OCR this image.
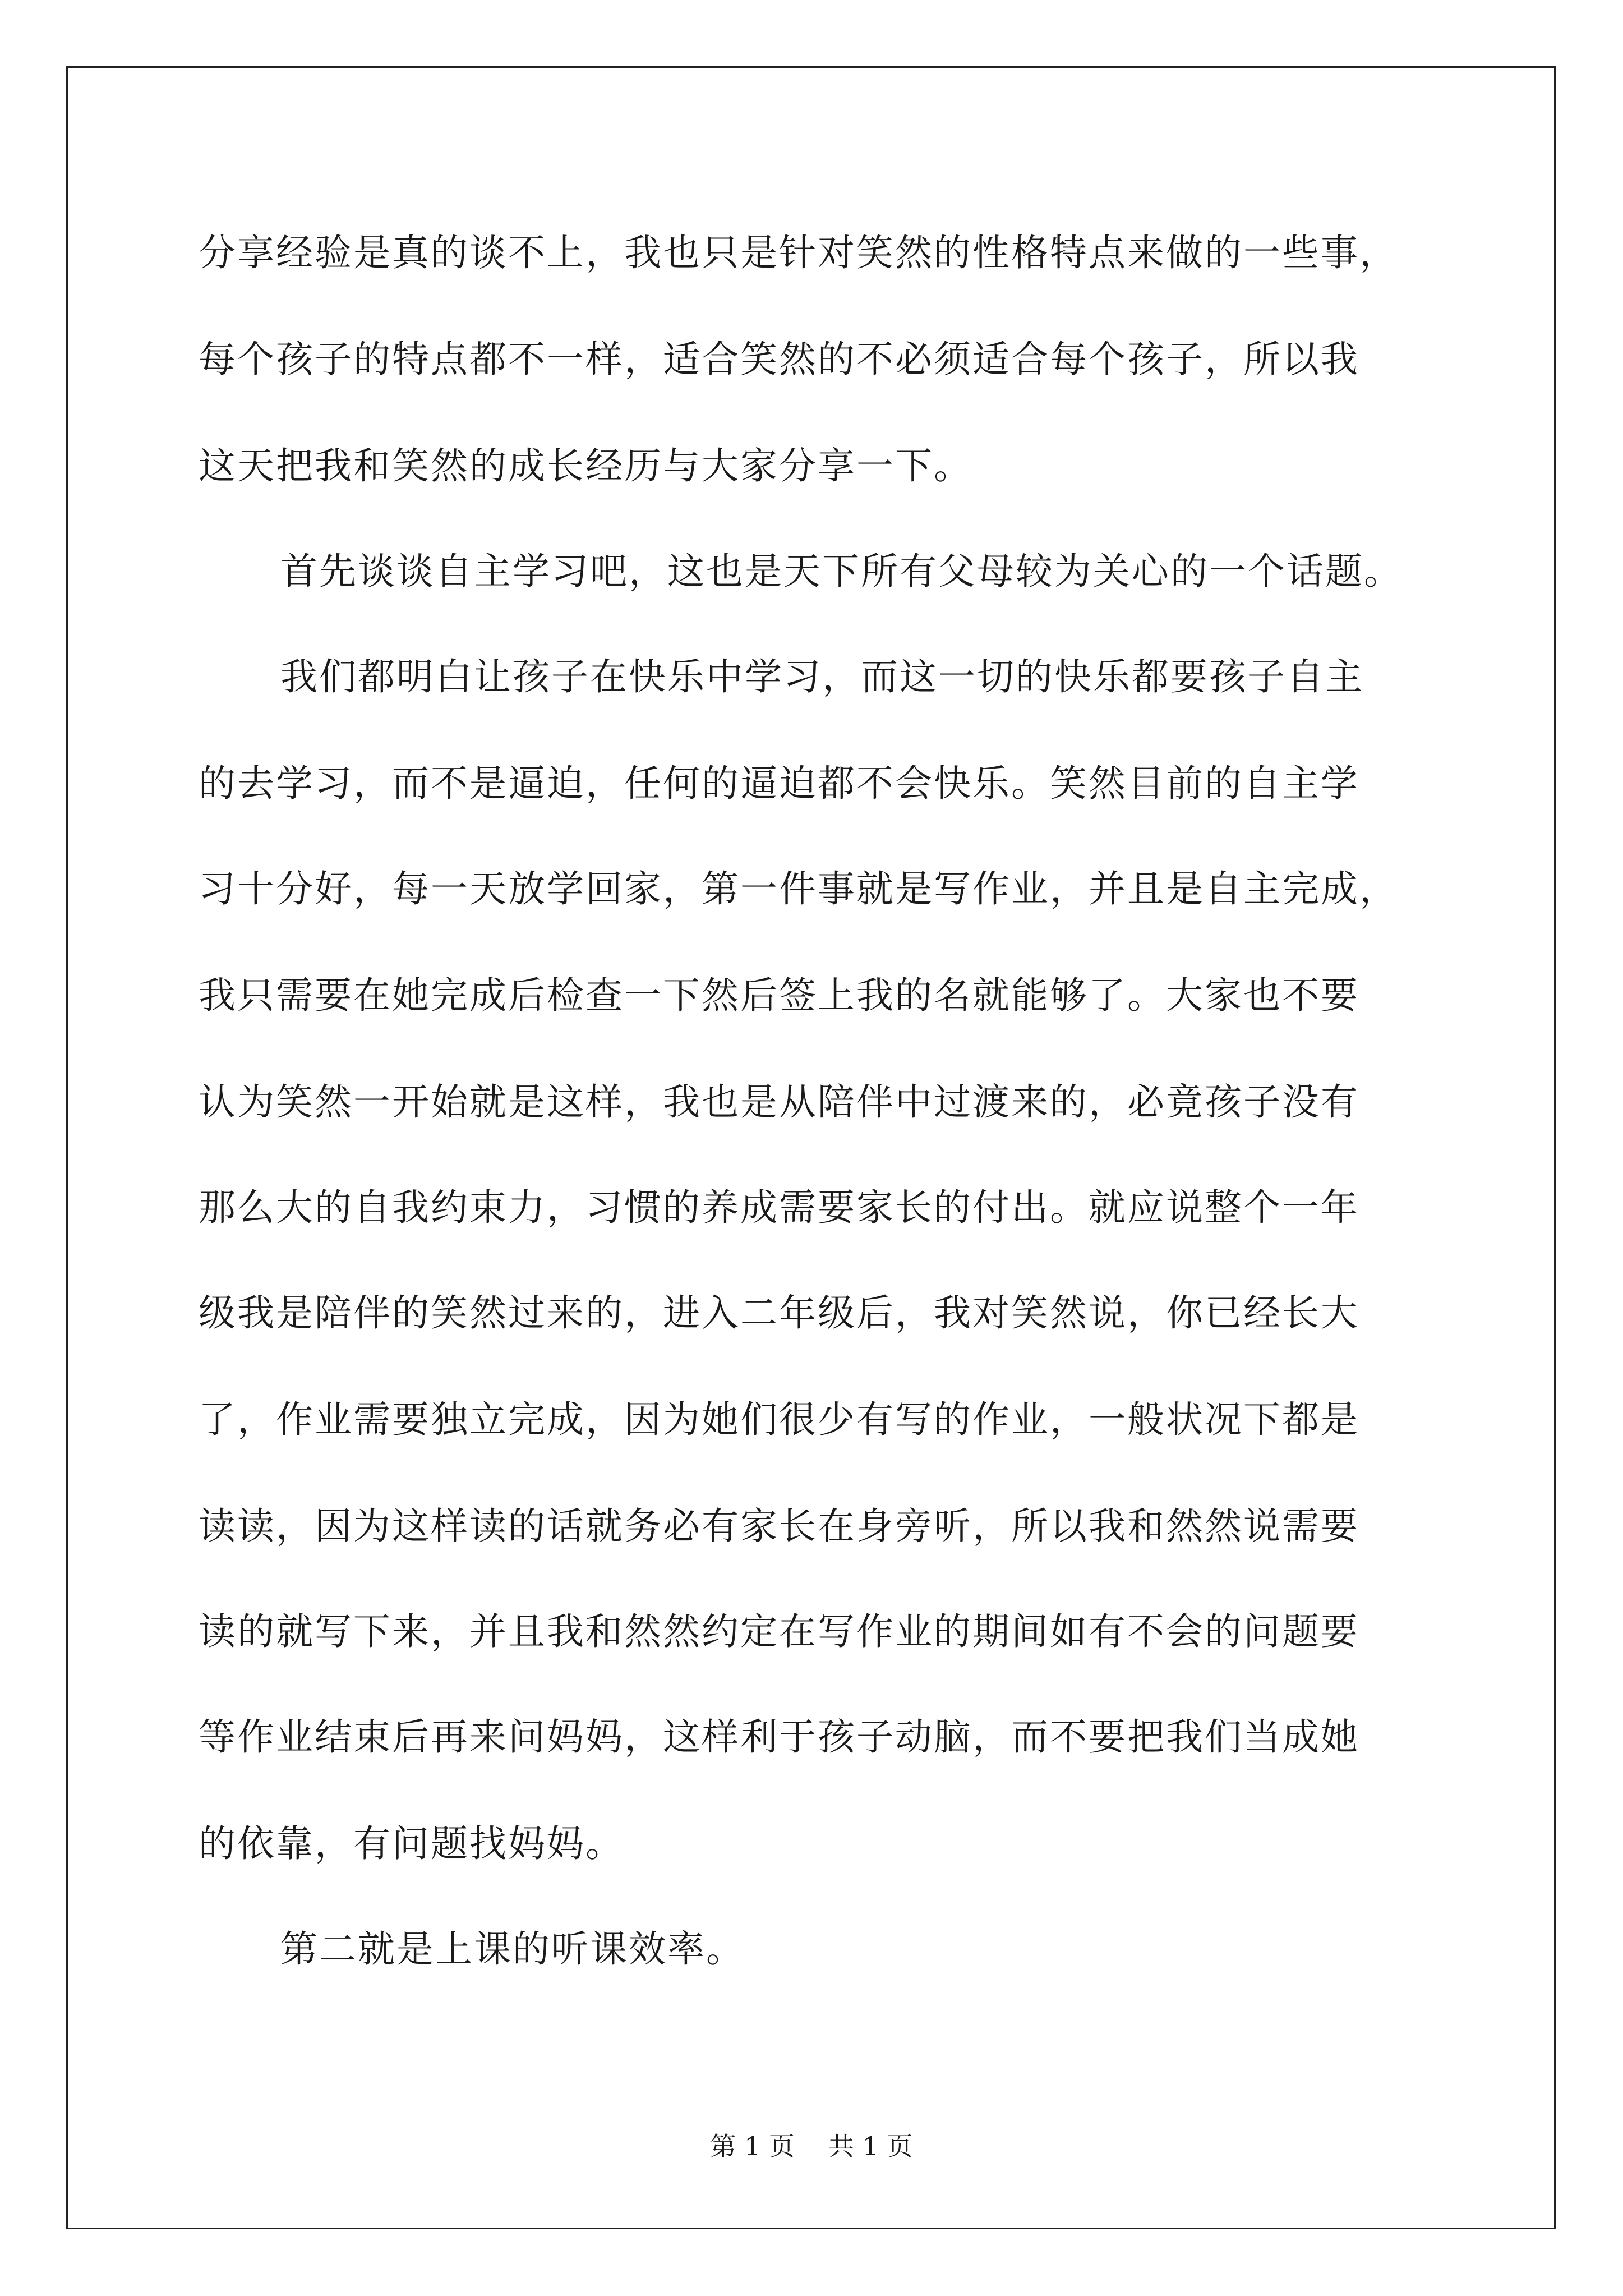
分享经验是真的谈不上，我也只是针对笑然的性格特点来做的一些事，
每个孩子的特点都不一样，适合笑然的不必须适合每个孩子，所以我
这天把我和笑然的成长经历与大家分享一下。
首先谈谈自主学习吧，这也是天下所有父母较为关心的一个话题。
我们都明白让孩子在快乐中学习，而这一切的快乐都要孩子自主
的去学习，而不是逼迫，任何的逼迫都不会快乐。笑然目前的自主学
习十分好，每一天放学回家，第一件事就是写作业，并且是自主完成，
我只需要在她完成后检查一下然后签上我的名就能够了。大家也不要
认为笑然一开始就是这样，我也是从陪伴中过渡来的，必竟孩子没有
那么大的自我约束力，习惯的养成需要家长的付出。就应说整个一年
级我是陪伴的笑然过来的，进入二年级后，我对笑然说，你已经长大
了，作业需要独立完成，因为她们很少有写的作业，一般状况下都是
读读，因为这样读的话就务必有家长在身旁听，所以我和然然说需要
读的就写下来，并且我和然然约定在写作业的期间如有不会的问题要
等作业结束后再来问妈妈，这样利于孩子动脑，而不要把我们当成她
的依靠，有问题找妈妈。
第二就是上课的听课效率。
第 1 页 共 1 页
